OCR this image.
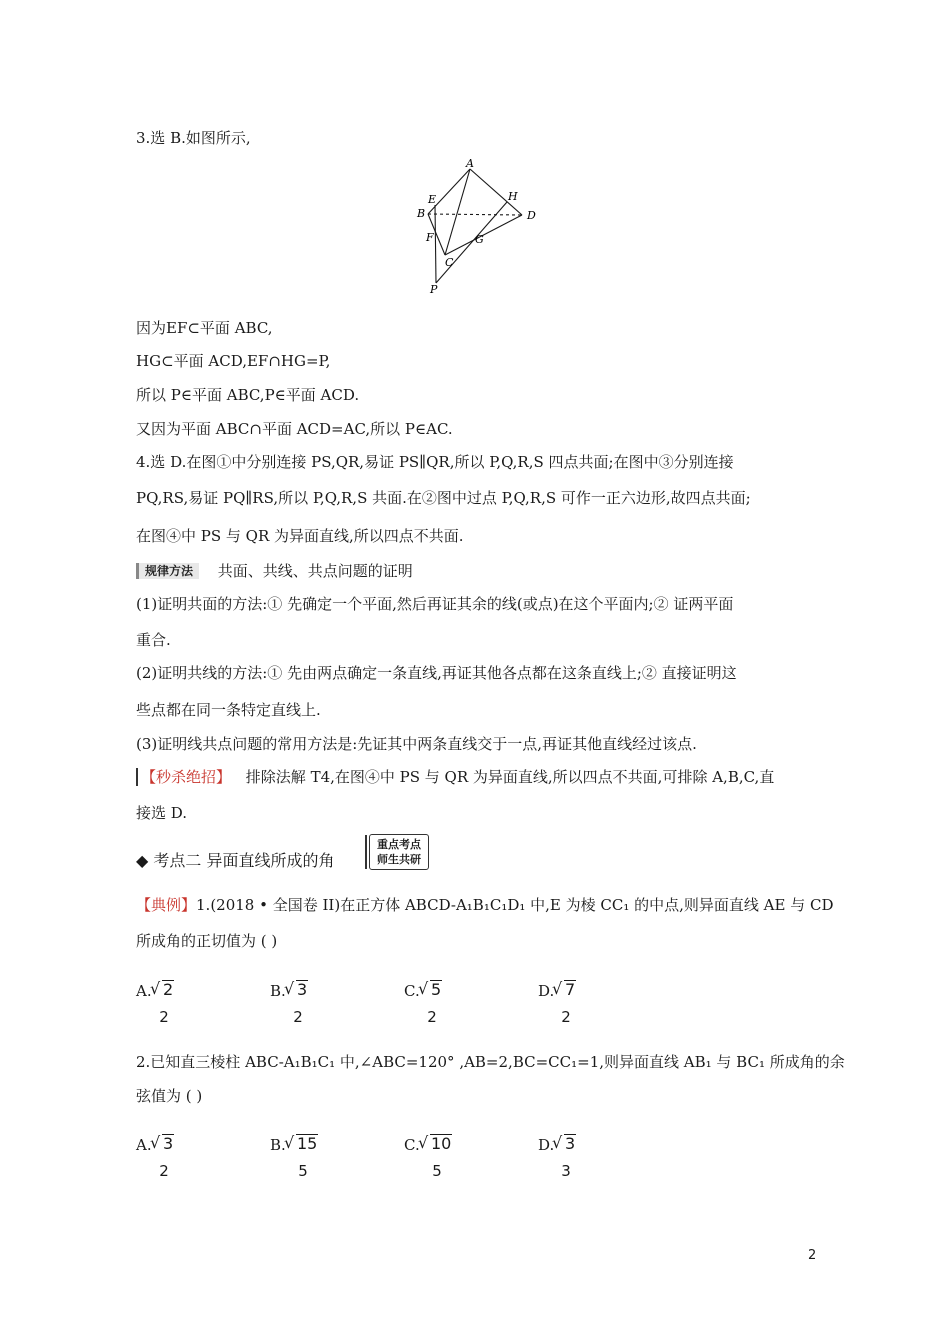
3.选 B.如图所示,
A
B
C
D
E
F	G
H
P
因为EF⊂平面 ABC,
HG⊂平面 ACD,EF∩HG=P,
所以 P∈平面 ABC,P∈平面 ACD.
又因为平面 ABC∩平面 ACD=AC,所以 P∈AC.
4.选 D.在图①中分别连接 PS,QR,易证 PS∥QR,所以 P,Q,R,S 四点共面;在图中③分别连接
PQ,RS,易证 PQ∥RS,所以 P,Q,R,S 共面.在②图中过点 P,Q,R,S 可作一正六边形,故四点共面;
在图④中 PS 与 QR 为异面直线,所以四点不共面.
规律方法 共面、共线、共点问题的证明
(1)证明共面的方法:① 先确定一个平面,然后再证其余的线(或点)在这个平面内;② 证两平面
重合.
(2)证明共线的方法:① 先由两点确定一条直线,再证其他各点都在这条直线上;② 直接证明这
些点都在同一条特定直线上.
(3)证明线共点问题的常用方法是:先证其中两条直线交于一点,再证其他直线经过该点.
【秒杀绝招】 排除法解 T4,在图④中 PS 与 QR 为异面直线,所以四点不共面,可排除 A,B,C,直
接选 D.
◆ 考点二 异面直线所成的角
重点考点
师生共研
【典例】1.(2018 • 全国卷 II)在正方体 ABCD-A₁B₁C₁D₁ 中,E 为棱 CC₁ 的中点,则异面直线 AE 与 CD
所成角的正切值为 ( )
A.
√ 2
2
B.
√ 3
2
C.
√ 5
2
D.
√ 7
2
2.已知直三棱柱 ABC-A₁B₁C₁ 中,∠ABC=120° ,AB=2,BC=CC₁=1,则异面直线 AB₁ 与 BC₁ 所成角的余
弦值为 ( )
A.
√ 3
2
B.
√ 15
5
C.
√ 10
5
D.
√ 3
3
2
